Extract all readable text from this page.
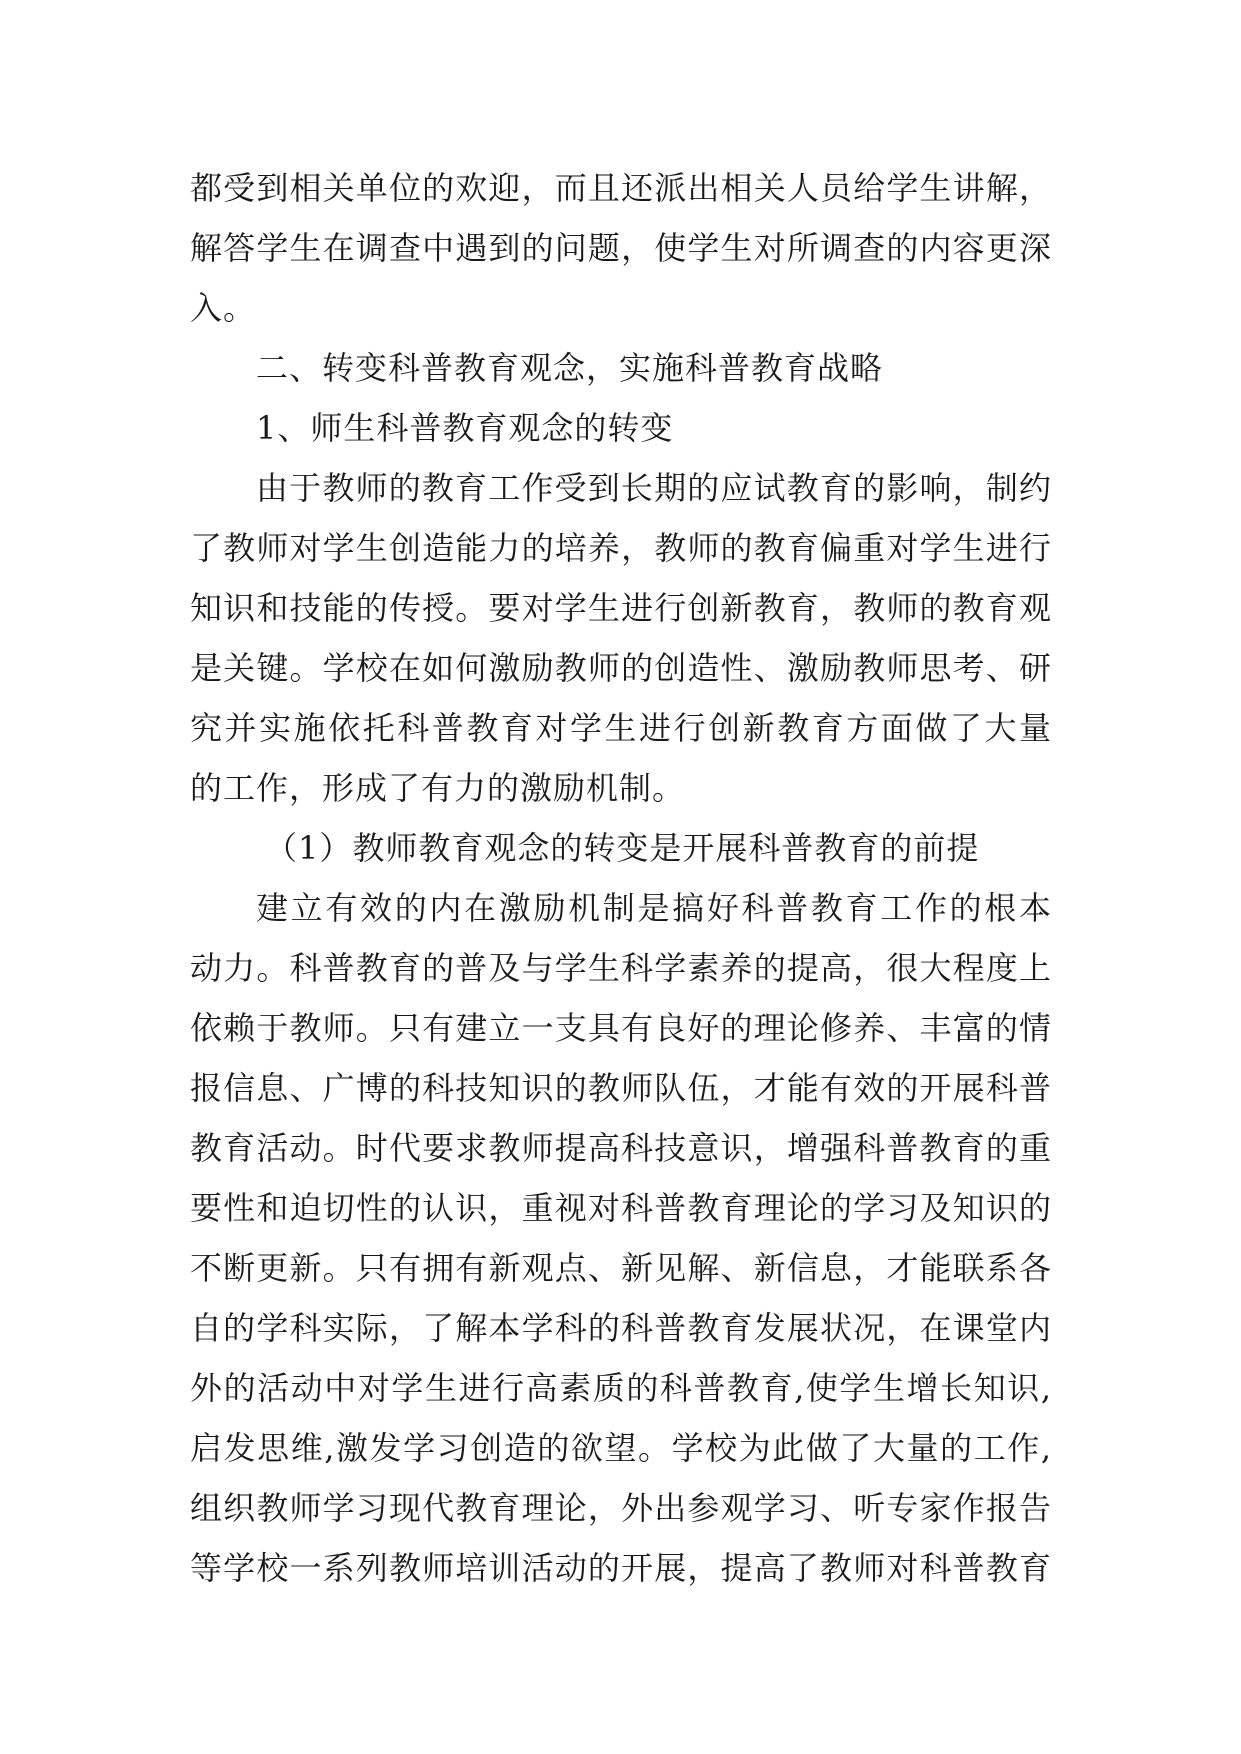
都受到相关单位的欢迎，而且还派出相关人员给学生讲解，
解答学生在调查中遇到的问题，使学生对所调查的内容更深
入。
二、转变科普教育观念，实施科普教育战略
1、师生科普教育观念的转变
由于教师的教育工作受到长期的应试教育的影响，制约
了教师对学生创造能力的培养，教师的教育偏重对学生进行
知识和技能的传授。要对学生进行创新教育，教师的教育观
是关键。学校在如何激励教师的创造性、激励教师思考、研
究并实施依托科普教育对学生进行创新教育方面做了大量
的工作，形成了有力的激励机制。
（1）教师教育观念的转变是开展科普教育的前提
建立有效的内在激励机制是搞好科普教育工作的根本
动力。科普教育的普及与学生科学素养的提高，很大程度上
依赖于教师。只有建立一支具有良好的理论修养、丰富的情
报信息、广博的科技知识的教师队伍，才能有效的开展科普
教育活动。时代要求教师提高科技意识，增强科普教育的重
要性和迫切性的认识，重视对科普教育理论的学习及知识的
不断更新。只有拥有新观点、新见解、新信息，才能联系各
自的学科实际，了解本学科的科普教育发展状况，在课堂内
外的活动中对学生进行高素质的科普教育,使学生增长知识,
启发思维,激发学习创造的欲望。学校为此做了大量的工作,
组织教师学习现代教育理论，外出参观学习、听专家作报告
等学校一系列教师培训活动的开展，提高了教师对科普教育
